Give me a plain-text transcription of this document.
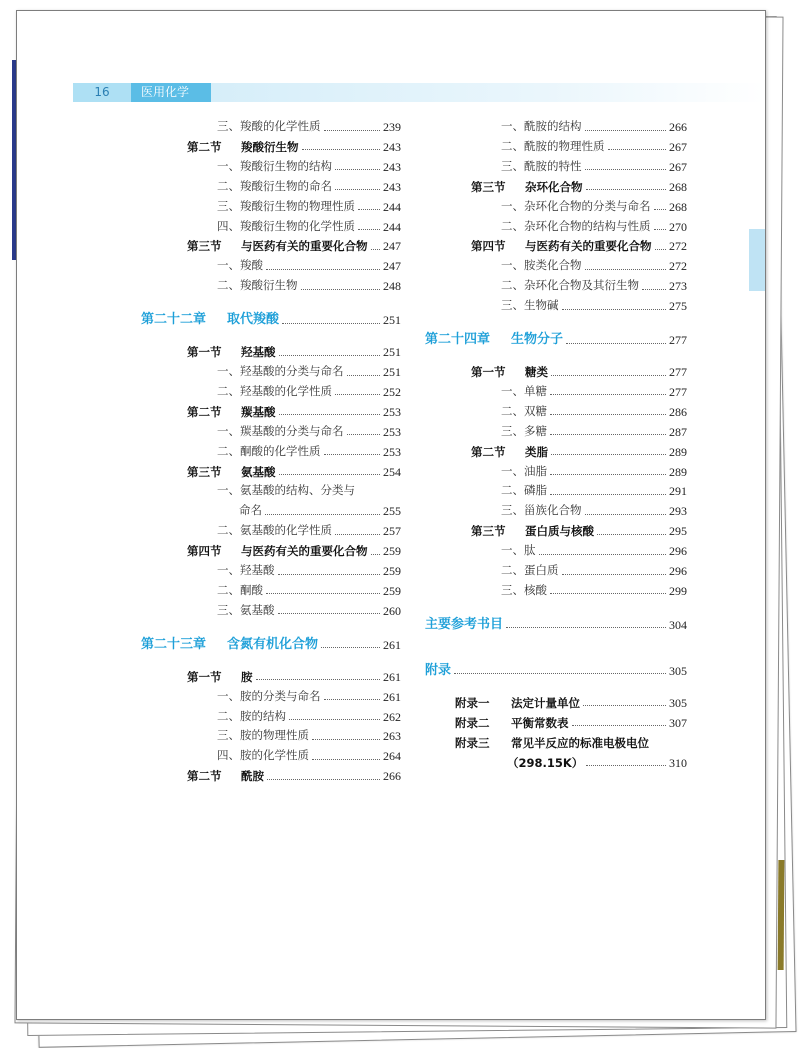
16	医用化学
三、羧酸的化学性质	239
第二节 羧酸衍生物	243
一、羧酸衍生物的结构	243
二、羧酸衍生物的命名	243
三、羧酸衍生物的物理性质 244
四、羧酸衍生物的化学性质 244
第三节 与医药有关的重要化合物 247
一、羧酸	247
二、羧酸衍生物	248
第二十二章 取代羧酸	251
第一节 羟基酸	251
一、羟基酸的分类与命名	251
二、羟基酸的化学性质	252
第二节 羰基酸	253
一、羰基酸的分类与命名	253
二、酮酸的化学性质	253
第三节 氨基酸	254
一、氨基酸的结构、分类与
命名	255
二、氨基酸的化学性质	257
第四节 与医药有关的重要化合物 259
一、羟基酸	259
二、酮酸	259
三、氨基酸	260
第二十三章 含氮有机化合物	261
第一节 胺	261
一、胺的分类与命名	261
二、胺的结构	262
三、胺的物理性质	263
四、胺的化学性质	264
第二节 酰胺	266
一、酰胺的结构	266
二、酰胺的物理性质	267
三、酰胺的特性	267
第三节 杂环化合物	268
一、杂环化合物的分类与命名 268
二、杂环化合物的结构与性质 270
第四节 与医药有关的重要化合物 272
一、胺类化合物	272
二、杂环化合物及其衍生物	273
三、生物碱	275
第二十四章 生物分子	277
第一节 糖类	277
一、单糖	277
二、双糖	286
三、多糖	287
第二节 类脂	289
一、油脂	289
二、磷脂	291
三、甾族化合物	293
第三节 蛋白质与核酸	295
一、肽	296
二、蛋白质	296
三、核酸	299
主要参考书目	304
附录	305
附录一 法定计量单位	305
附录二 平衡常数表	307
附录三 常见半反应的标准电极电位
（298.15K）	310
